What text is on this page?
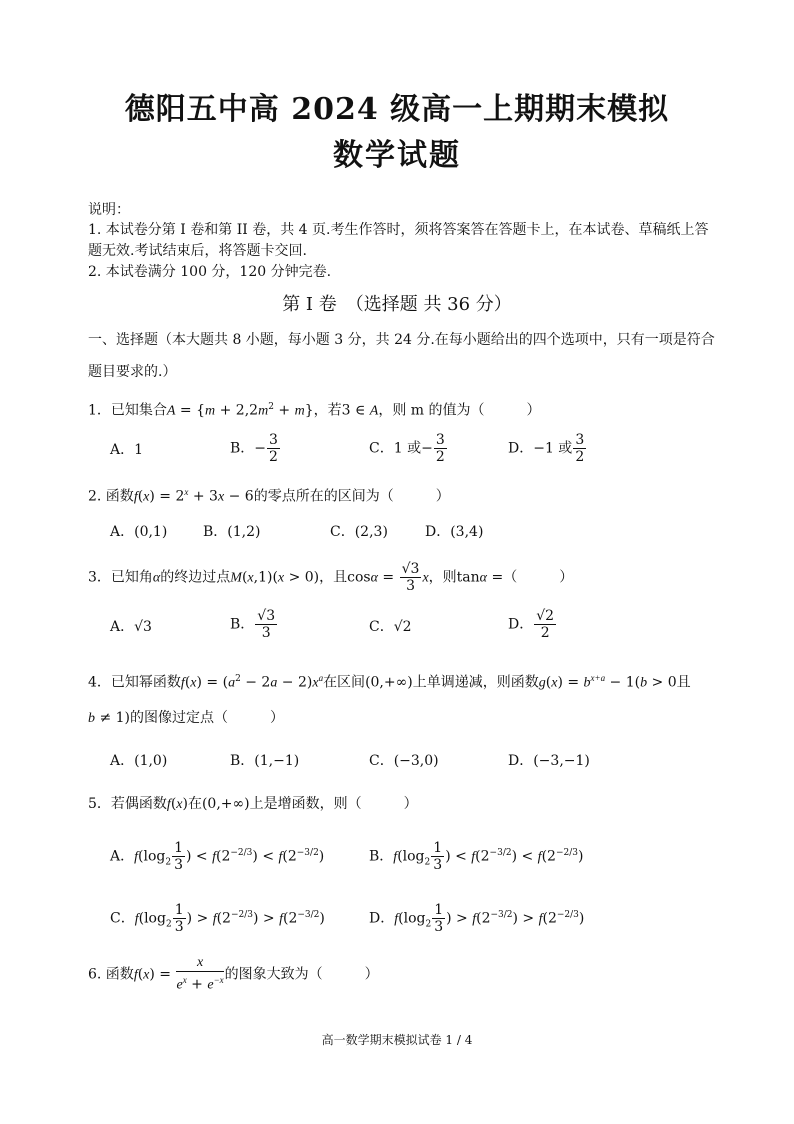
德阳五中高 2024 级高一上期期末模拟
数学试题
说明：
1. 本试卷分第 I 卷和第 II 卷，共 4 页.考生作答时，须将答案答在答题卡上，在本试卷、草稿纸上答
题无效.考试结束后，将答题卡交回.
2. 本试卷满分 100 分，120 分钟完卷.
第 I 卷　（选择题 共 36 分）
一、选择题（本大题共 8 小题，每小题 3 分，共 24 分.在每小题给出的四个选项中，只有一项是符合
题目要求的.）
1．已知集合$A = \{m + 2,2m^2 + m\}$，若3 ∈ A，则 m 的值为（　　　）
A．1	B．− $\frac{3}{2}$	C．1 或− $\frac{3}{2}$	D．−1 或 $\frac{3}{2}$
2. 函数$f(x) = 2^x + 3x - 6$的零点所在的区间为（　　　）
A．(0,1)	B．(1,2)	C．(2,3)	D．(3,4)
3．已知角α的终边过点M(x,1)(x > 0)，且$\cos\alpha = \frac{√3}{3}$ x，则tanα =（　　　）
A．√3	B． $\frac{√3}{3}$	C．√2	D． $\frac{√2}{2}$
4．已知幂函数$f(x) = (a^2 - 2a - 2)x^a$在区间(0,+∞)上单调递减，则函数$g(x) = b^{x+a} - 1(b > 0$且
b ≠ 1)的图像过定点（　　　）
A．(1,0)	B．(1,−1)	C．(−3,0)	D．(−3,−1)
5．若偶函数f(x)在(0,+∞)上是增函数，则（　　　）
A．$f(\log_2 \frac{1}{3}$ ) < $f(2^{-2/3}) < f(2^{-3/2})$	B．$f(\log_2 \frac{1}{3}$ ) < $f(2^{-3/2}) < f(2^{-2/3})$
C．$f(\log_2 \frac{1}{3}$ ) > $f(2^{-2/3}) > f(2^{-3/2})$	D．$f(\log_2 \frac{1}{3}$ ) > $f(2^{-3/2}) > f(2^{-2/3})$
6. 函数$f(x) = \frac{x}{e^x + e^{-x}}$ 的图象大致为（　　　）
高一数学期末模拟试卷 1 / 4
